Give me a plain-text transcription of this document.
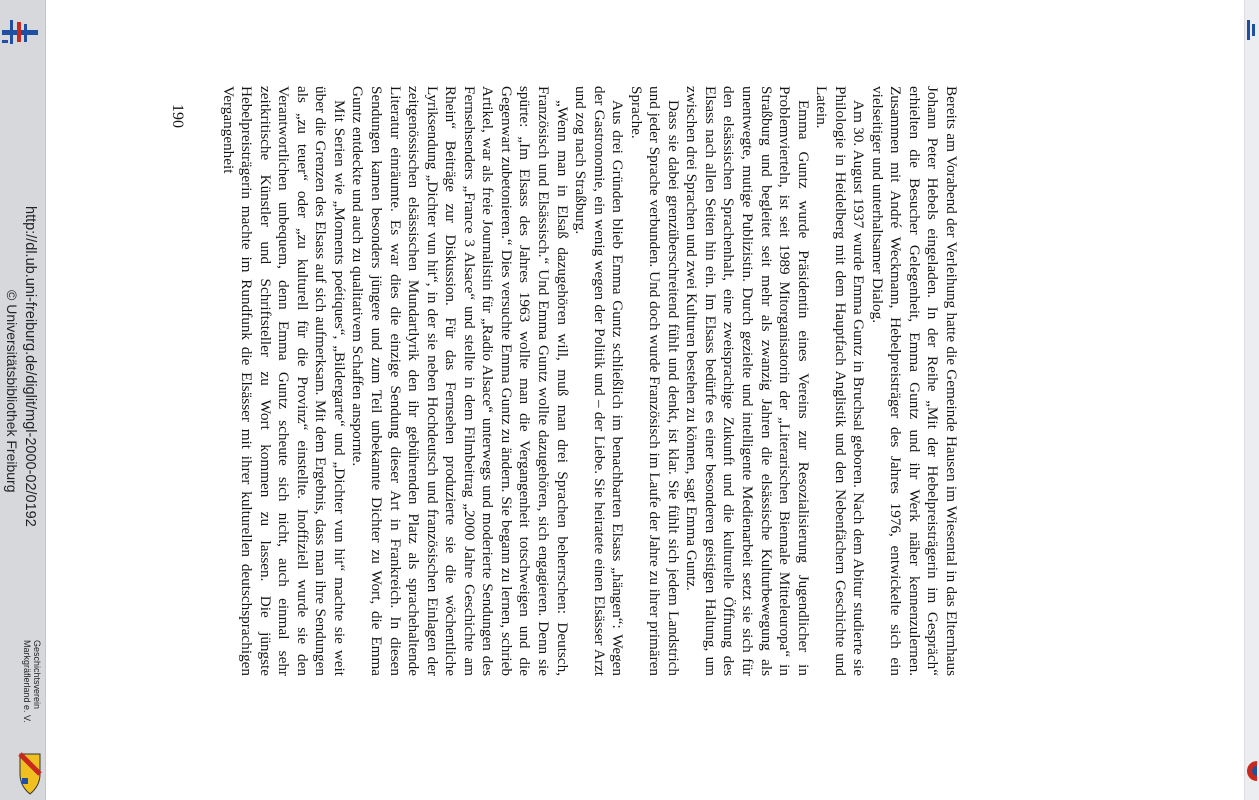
Bereits am Vorabend der Verleihung hatte die Gemeinde Hausen im Wiesental in das Elternhaus Johann Peter Hebels eingeladen. In der Reihe „Mit der Hebelpreisträgerin im Gespräch“ erhielten die Besucher Gelegenheit, Emma Guntz und ihr Werk näher kennenzulernen. Zusammen mit André Weckmann, Hebelpreisträger des Jahres 1976, entwickelte sich ein vielseitiger und unterhaltsamer Dialog.

Am 30. August 1937 wurde Emma Guntz in Bruchsal geboren. Nach dem Abitur studierte sie Philologie in Heidelberg mit dem Hauptfach Anglistik und den Nebenfächern Geschichte und Latein.

Emma Guntz wurde Präsidentin eines Vereins zur Resozialisierung Jugendlicher in Problemvierteln, ist seit 1989 Mitorganisatorin der „Literarischen Biennale Mitteleuropa“ in Straßburg und begleitet seit mehr als zwanzig Jahren die elsässische Kulturbewegung als unentwegte, mutige Publizistin. Durch gezielte und intelligente Medienarbeit setzt sie sich für den elsässischen Sprachenhalt, eine zweisprachige Zukunft und die kulturelle Öffnung des Elsass nach allen Seiten hin ein. Im Elsass bedürfe es einer besonderen geistigen Haltung, um zwischen drei Sprachen und zwei Kulturen bestehen zu können, sagt Emma Guntz.

Dass sie dabei grenzüberschreitend fühlt und denkt, ist klar. Sie fühlt sich jedem Landstrich und jeder Sprache verbunden. Und doch wurde Französisch im Laufe der Jahre zu ihrer primären Sprache.

Aus drei Gründen blieb Emma Guntz schließlich im benachbarten Elsass „hängen“: Wegen der Gastronomie, ein wenig wegen der Politik und – der Liebe. Sie heiratete einen Elsässer Arzt und zog nach Straßburg.

„Wenn man in Elsaß dazugehören will, muß man drei Sprachen beherrschen: Deutsch, Französisch und Elsässisch.“ Und Emma Guntz wollte dazugehören, sich engagieren. Denn sie spürte: „Im Elsass des Jahres 1963 wollte man die Vergangenheit totschweigen und die Gegenwart zubetonieren.“ Dies versuchte Emma Guntz zu ändern. Sie begann zu lernen, schrieb Artikel, war als freie Journalistin für „Radio Alsace“ unterwegs und moderierte Sendungen des Fernsehsenders „France 3 Alsace“ und stellte in dem Filmbeitrag „2000 Jahre Geschichte am Rhein“ Beiträge zur Diskussion. Für das Fernsehen produzierte sie die wöchentliche Lyriksendung „Dichter vun hit“, in der sie neben Hochdeutsch und französischen Einlagen der zeitgenössischen elsässischen Mundartlyrik den ihr gebührenden Platz als sprachehaltende Literatur einräumte. Es war dies die einzige Sendung dieser Art in Frankreich. In diesen Sendungen kamen besonders jüngere und zum Teil unbekannte Dichter zu Wort, die Emma Guntz entdeckte und auch zu qualitativem Schaffen anspornte.

Mit Serien wie „Moments poétiques“, „Bildergarte“ und „Dichter vun hit“ machte sie weit über die Grenzen des Elsass auf sich aufmerksam. Mit dem Ergebnis, dass man ihre Sendungen als „zu teuer“ oder „zu kulturell für die Provinz“ einstellte. Inoffiziell wurde sie den Verantwortlichen unbequem, denn Emma Guntz scheute sich nicht, auch einmal sehr zeitkritische Künstler und Schriftsteller zu Wort kommen zu lassen. Die jüngste Hebelpreisträgerin machte im Rundfunk die Elsässer mit ihrer kulturellen deutschsprachigen Vergangenheit

190
http://dl.ub.uni-freiburg.de/diglit/mgl-2000-02/0192
© Universitätsbibliothek Freiburg
Geschichtsverein
Markgräflerland e. V.
